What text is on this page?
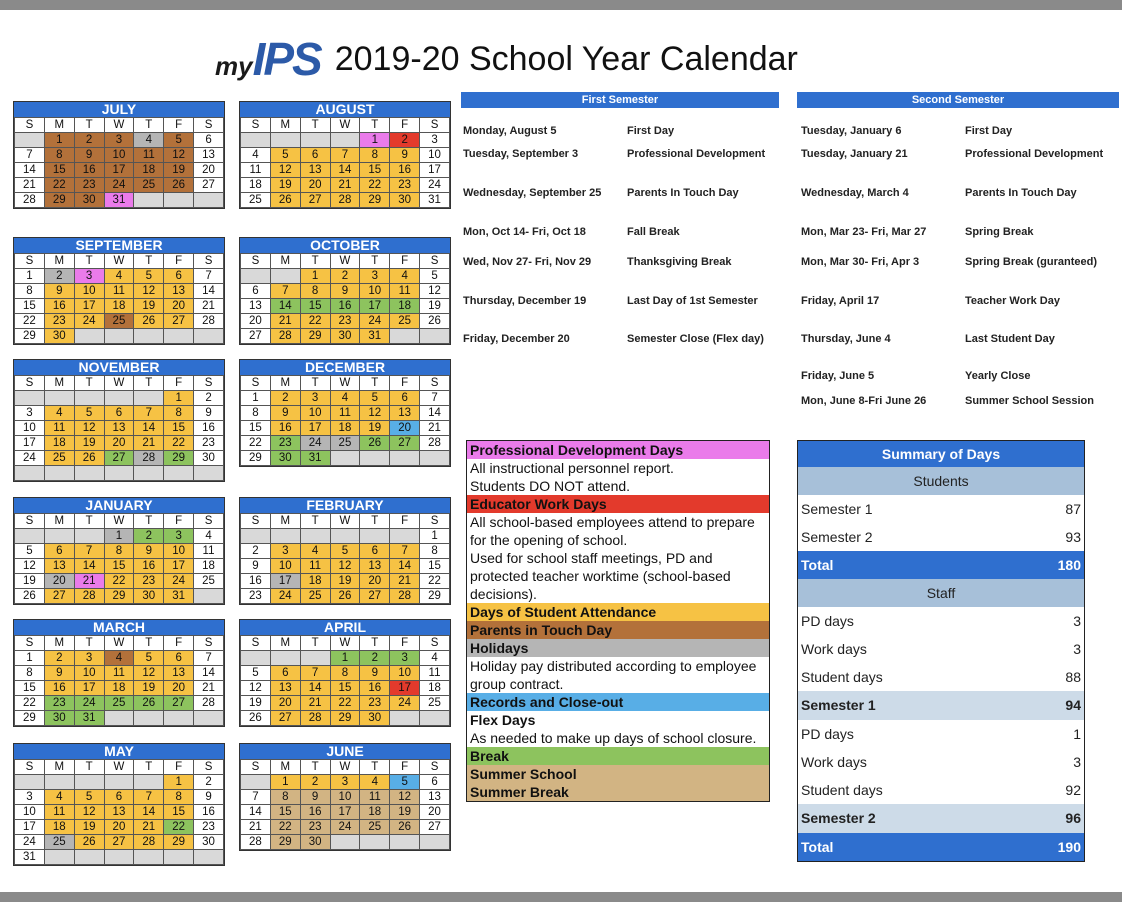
my IPS 2019-20 School Year Calendar
JULY
S	M	T	W	T	F	S
	1	2	3	4	5	6
7	8	9	10	11	12	13
14	15	16	17	18	19	20
21	22	23	24	25	26	27
28	29	30	31			
AUGUST
S	M	T	W	T	F	S
				1	2	3
4	5	6	7	8	9	10
11	12	13	14	15	16	17
18	19	20	21	22	23	24
25	26	27	28	29	30	31
SEPTEMBER
S	M	T	W	T	F	S
1	2	3	4	5	6	7
8	9	10	11	12	13	14
15	16	17	18	19	20	21
22	23	24	25	26	27	28
29	30					
OCTOBER
S	M	T	W	T	F	S
		1	2	3	4	5
6	7	8	9	10	11	12
13	14	15	16	17	18	19
20	21	22	23	24	25	26
27	28	29	30	31		
NOVEMBER
S	M	T	W	T	F	S
					1	2
3	4	5	6	7	8	9
10	11	12	13	14	15	16
17	18	19	20	21	22	23
24	25	26	27	28	29	30

DECEMBER
S	M	T	W	T	F	S
1	2	3	4	5	6	7
8	9	10	11	12	13	14
15	16	17	18	19	20	21
22	23	24	25	26	27	28
29	30	31				
JANUARY
S	M	T	W	T	F	S
			1	2	3	4
5	6	7	8	9	10	11
12	13	14	15	16	17	18
19	20	21	22	23	24	25
26	27	28	29	30	31	
FEBRUARY
S	M	T	W	T	F	S
						1
2	3	4	5	6	7	8
9	10	11	12	13	14	15
16	17	18	19	20	21	22
23	24	25	26	27	28	29
MARCH
S	M	T	W	T	F	S
1	2	3	4	5	6	7
8	9	10	11	12	13	14
15	16	17	18	19	20	21
22	23	24	25	26	27	28
29	30	31				
APRIL
S	M	T	W	T	F	S
			1	2	3	4
5	6	7	8	9	10	11
12	13	14	15	16	17	18
19	20	21	22	23	24	25
26	27	28	29	30		
MAY
S	M	T	W	T	F	S
					1	2
3	4	5	6	7	8	9
10	11	12	13	14	15	16
17	18	19	20	21	22	23
24	25	26	27	28	29	30
31						
JUNE
S	M	T	W	T	F	S
	1	2	3	4	5	6
7	8	9	10	11	12	13
14	15	16	17	18	19	20
21	22	23	24	25	26	27
28	29	30				
First Semester	Second Semester
Monday, August 5	First Day
Tuesday, September 3	Professional Development
Wednesday, September 25	Parents In Touch Day
Mon, Oct 14- Fri, Oct 18	Fall Break
Wed, Nov 27- Fri, Nov 29	Thanksgiving Break
Thursday, December 19	Last Day of 1st Semester
Friday, December 20	Semester Close (Flex day)
Tuesday, January 6	First Day
Tuesday, January 21	Professional Development
Wednesday, March 4	Parents In Touch Day
Mon, Mar 23- Fri, Mar 27	Spring Break
Mon, Mar 30- Fri, Apr 3	Spring Break (guranteed)
Friday, April 17	Teacher Work Day
Thursday, June 4	Last Student Day
Friday, June 5	Yearly Close
Mon, June 8-Fri June 26	Summer School Session
Professional Development Days
All instructional personnel report.
Students DO NOT attend.
Educator Work Days
All school-based employees attend to prepare for the opening of school.
Used for school staff meetings, PD and protected teacher worktime (school-based decisions).
Days of Student Attendance
Parents in Touch Day
Holidays
Holiday pay distributed according to employee group contract.
Records and Close-out
Flex Days
As needed to make up days of school closure.
Break
Summer School
Summer Break
Summary of Days
Students
Semester 1	87
Semester 2	93
Total	180
Staff
PD days	3
Work days	3
Student days	88
Semester 1	94
PD days	1
Work days	3
Student days	92
Semester 2	96
Total	190
